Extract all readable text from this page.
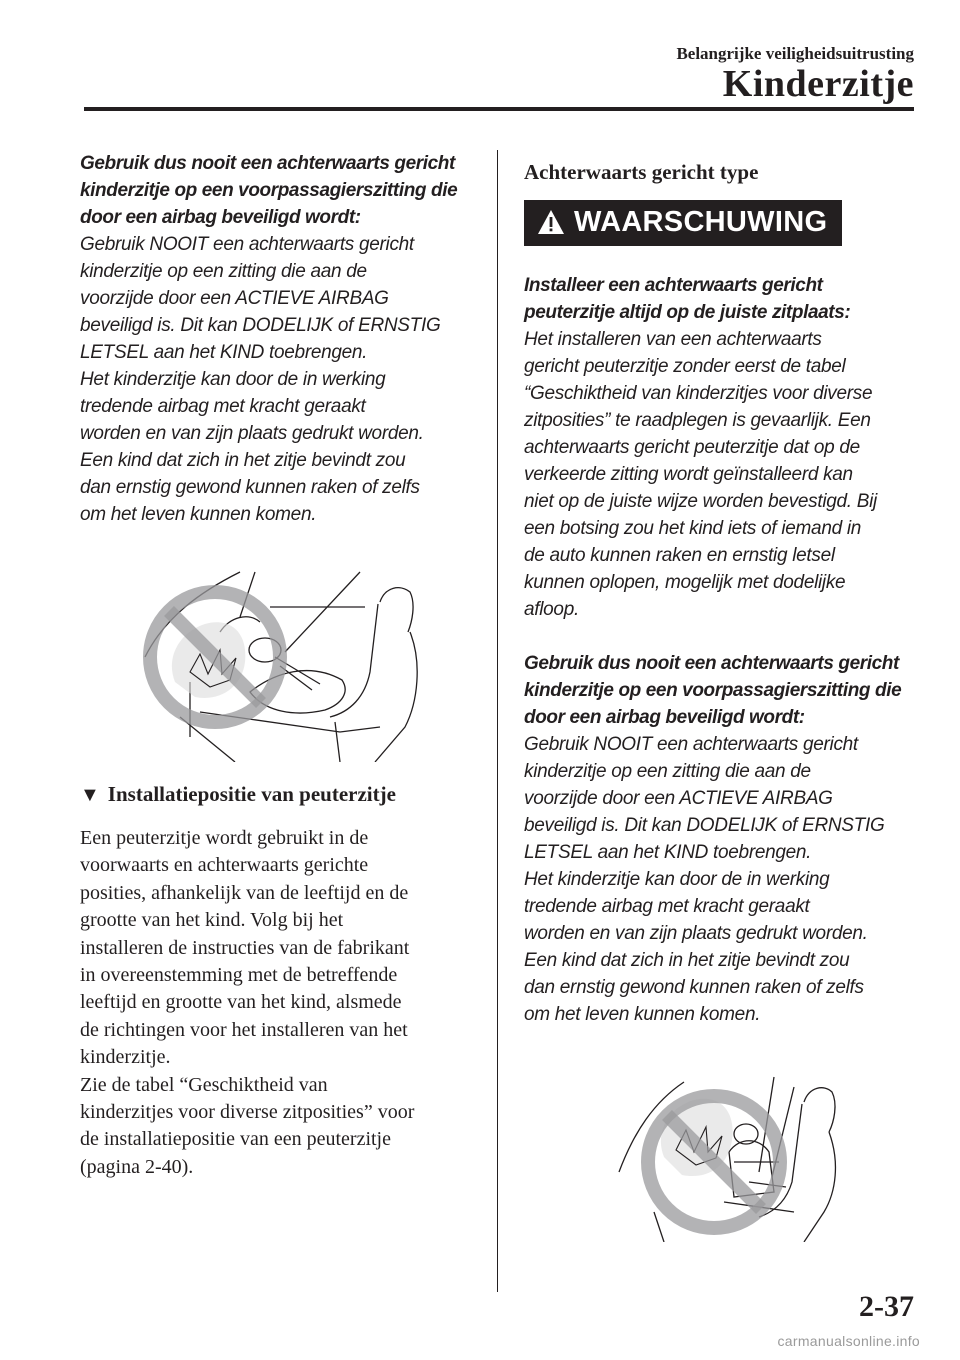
Belangrijke veiligheidsuitrusting
Kinderzitje

Gebruik dus nooit een achterwaarts gericht

kinderzitje op een voorpassagierszitting die

door een airbag beveiligd wordt:

Gebruik NOOIT een achterwaarts gericht

kinderzitje op een zitting die aan de

voorzijde door een ACTIEVE AIRBAG

beveiligd is. Dit kan DODELIJK of ERNSTIG

LETSEL aan het KIND toebrengen.

Het kinderzitje kan door de in werking

tredende airbag met kracht geraakt

worden en van zijn plaats gedrukt worden.

Een kind dat zich in het zitje bevindt zou

dan ernstig gewond kunnen raken of zelfs

om het leven kunnen komen.

▼ Installatiepositie van peuterzitje

Een peuterzitje wordt gebruikt in de

voorwaarts en achterwaarts gerichte

posities, afhankelijk van de leeftijd en de

grootte van het kind. Volg bij het

installeren de instructies van de fabrikant

in overeenstemming met de betreffende

leeftijd en grootte van het kind, alsmede

de richtingen voor het installeren van het

kinderzitje.

Zie de tabel “Geschiktheid van

kinderzitjes voor diverse zitposities” voor

de installatiepositie van een peuterzitje

(pagina 2-40).

Achterwaarts gericht type

WAARSCHUWING

Installeer een achterwaarts gericht

peuterzitje altijd op de juiste zitplaats:

Het installeren van een achterwaarts

gericht peuterzitje zonder eerst de tabel

“Geschiktheid van kinderzitjes voor diverse

zitposities” te raadplegen is gevaarlijk. Een

achterwaarts gericht peuterzitje dat op de

verkeerde zitting wordt geïnstalleerd kan

niet op de juiste wijze worden bevestigd. Bij

een botsing zou het kind iets of iemand in

de auto kunnen raken en ernstig letsel

kunnen oplopen, mogelijk met dodelijke

afloop.

Gebruik dus nooit een achterwaarts gericht

kinderzitje op een voorpassagierszitting die

door een airbag beveiligd wordt:

Gebruik NOOIT een achterwaarts gericht

kinderzitje op een zitting die aan de

voorzijde door een ACTIEVE AIRBAG

beveiligd is. Dit kan DODELIJK of ERNSTIG

LETSEL aan het KIND toebrengen.

Het kinderzitje kan door de in werking

tredende airbag met kracht geraakt

worden en van zijn plaats gedrukt worden.

Een kind dat zich in het zitje bevindt zou

dan ernstig gewond kunnen raken of zelfs

om het leven kunnen komen.

2-37
carmanualsonline.info
